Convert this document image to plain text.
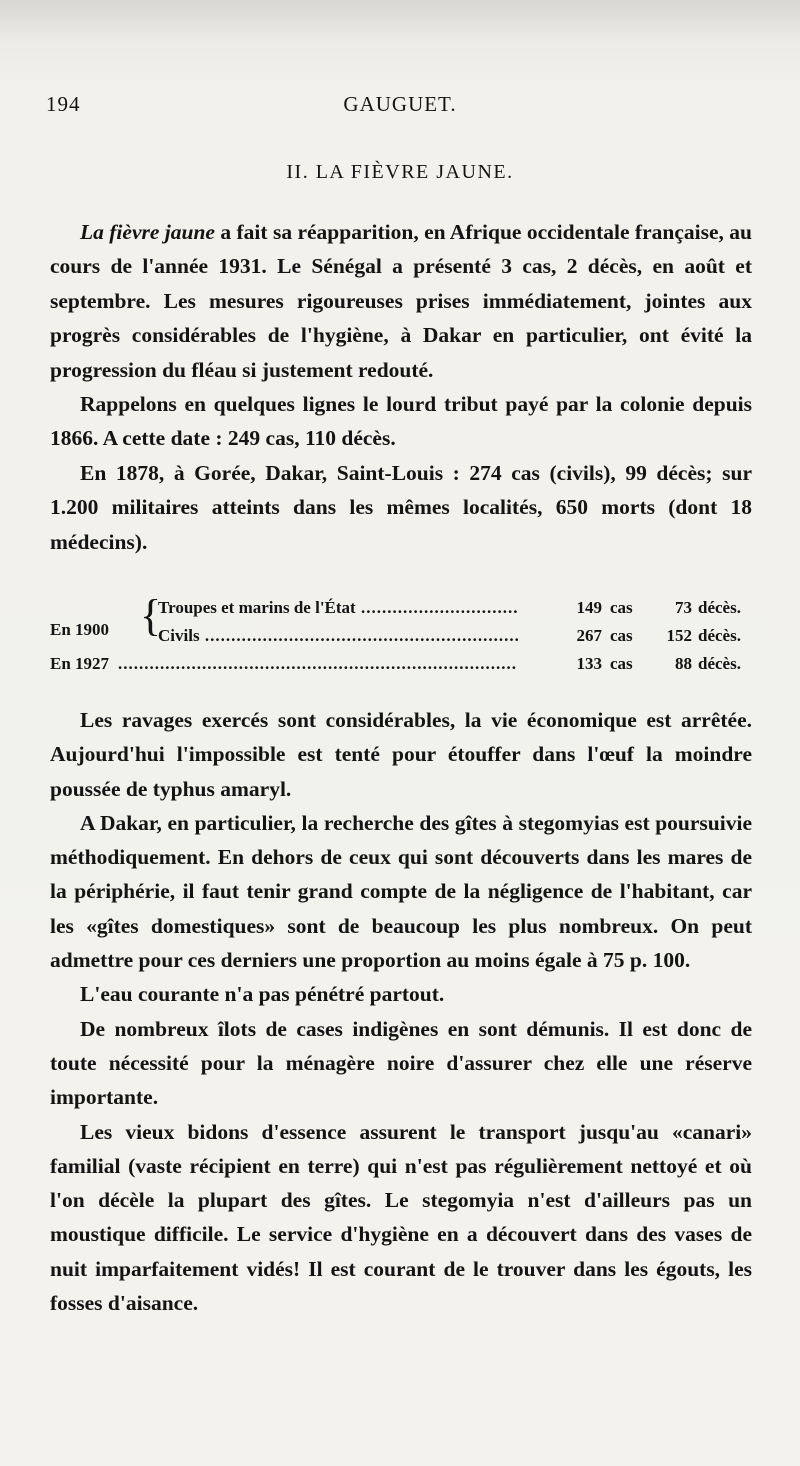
194	GAUGUET.
II. LA FIÈVRE JAUNE.

La fièvre jaune a fait sa réapparition, en Afrique occidentale française, au cours de l'année 1931. Le Sénégal a présenté 3 cas, 2 décès, en août et septembre. Les mesures rigoureuses prises immédiatement, jointes aux progrès considérables de l'hygiène, à Dakar en particulier, ont évité la progression du fléau si justement redouté.

Rappelons en quelques lignes le lourd tribut payé par la colonie depuis 1866. A cette date : 249 cas, 110 décès.

En 1878, à Gorée, Dakar, Saint-Louis : 274 cas (civils), 99 décès; sur 1.200 militaires atteints dans les mêmes localités, 650 morts (dont 18 médecins).

En 1900 {
Troupes et marins de l'État .....	149 cas	73 décès.
Civils .....	267 cas	152 décès.
En 1927
.....	133 cas	88 décès.

Les ravages exercés sont considérables, la vie économique est arrêtée. Aujourd'hui l'impossible est tenté pour étouffer dans l'œuf la moindre poussée de typhus amaryl.

A Dakar, en particulier, la recherche des gîtes à stegomyias est poursuivie méthodiquement. En dehors de ceux qui sont découverts dans les mares de la périphérie, il faut tenir grand compte de la négligence de l'habitant, car les «gîtes domestiques» sont de beaucoup les plus nombreux. On peut admettre pour ces derniers une proportion au moins égale à 75 p. 100.

L'eau courante n'a pas pénétré partout.

De nombreux îlots de cases indigènes en sont démunis. Il est donc de toute nécessité pour la ménagère noire d'assurer chez elle une réserve importante.

Les vieux bidons d'essence assurent le transport jusqu'au «canari» familial (vaste récipient en terre) qui n'est pas régulièrement nettoyé et où l'on décèle la plupart des gîtes. Le stegomyia n'est d'ailleurs pas un moustique difficile. Le service d'hygiène en a découvert dans des vases de nuit imparfaitement vidés! Il est courant de le trouver dans les égouts, les fosses d'aisance.
